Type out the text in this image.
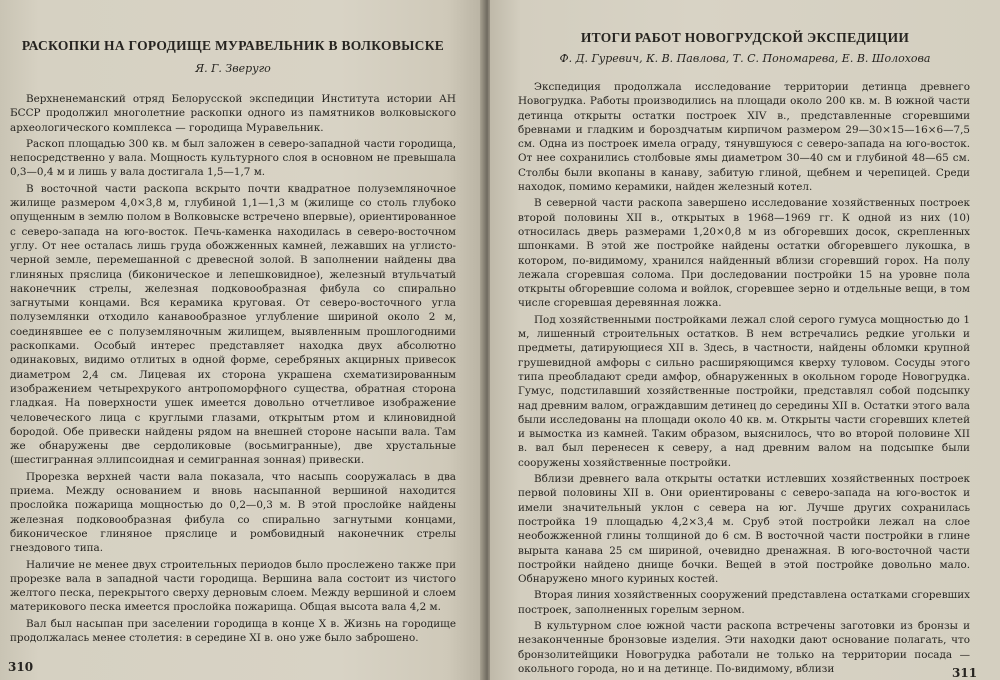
РАСКОПКИ НА ГОРОДИЩЕ МУРАВЕЛЬНИК В ВОЛКОВЫСКЕ
Я. Г. Зверуго

Верхненеманский отряд Белорусской экспедиции Института истории АН БССР продолжил многолетние раскопки одного из памятников волковыского археологического комплекса — городища Муравельник.

Раскоп площадью 300 кв. м был заложен в северо-западной части городища, непосредственно у вала. Мощность культурного слоя в основном не превышала 0,3—0,4 м и лишь у вала достигала 1,5—1,7 м.

В восточной части раскопа вскрыто почти квадратное полуземляночное жилище размером 4,0×3,8 м, глубиной 1,1—1,3 м (жилище со столь глубоко опущенным в землю полом в Волковыске встречено впервые), ориентированное с северо-запада на юго-восток. Печь-каменка находилась в северо-восточном углу. От нее осталась лишь груда обожженных камней, лежавших на углисто-черной земле, перемешанной с древесной золой. В заполнении найдены два глиняных пряслица (биконическое и лепешковидное), железный втульчатый наконечник стрелы, железная подковообразная фибула со спирально загнутыми концами. Вся керамика круговая. От северо-восточного угла полуземлянки отходило канавообразное углубление шириной около 2 м, соединявшее ее с полуземляночным жилищем, выявленным прошлогодними раскопками. Особый интерес представляет находка двух абсолютно одинаковых, видимо отлитых в одной форме, серебряных акцирных привесок диаметром 2,4 см. Лицевая их сторона украшена схематизированным изображением четырехрукого антропоморфного существа, обратная сторона гладкая. На поверхности ушек имеется довольно отчетливое изображение человеческого лица с круглыми глазами, открытым ртом и клиновидной бородой. Обе привески найдены рядом на внешней стороне насыпи вала. Там же обнаружены две сердоликовые (восьмигранные), две хрустальные (шестигранная эллипсоидная и семигранная зонная) привески.

Прорезка верхней части вала показала, что насыпь сооружалась в два приема. Между основанием и вновь насыпанной вершиной находится прослойка пожарища мощностью до 0,2—0,3 м. В этой прослойке найдены железная подковообразная фибула со спирально загнутыми концами, биконическое глиняное пряслице и ромбовидный наконечник стрелы гнездового типа.

Наличие не менее двух строительных периодов было прослежено также при прорезке вала в западной части городища. Вершина вала состоит из чистого желтого песка, перекрытого сверху дерновым слоем. Между вершиной и слоем материкового песка имеется прослойка пожарища. Общая высота вала 4,2 м.

Вал был насыпан при заселении городища в конце X в. Жизнь на городище продолжалась менее столетия: в середине XI в. оно уже было заброшено.

310
ИТОГИ РАБОТ НОВОГРУДСКОЙ ЭКСПЕДИЦИИ
Ф. Д. Гуревич, К. В. Павлова, Т. С. Пономарева, Е. В. Шолохова

Экспедиция продолжала исследование территории детинца древнего Новогрудка. Работы производились на площади около 200 кв. м. В южной части детинца открыты остатки построек XIV в., представленные сгоревшими бревнами и гладким и бороздчатым кирпичом размером 29—30×15—16×6—7,5 см. Одна из построек имела ограду, тянувшуюся с северо-запада на юго-восток. От нее сохранились столбовые ямы диаметром 30—40 см и глубиной 48—65 см. Столбы были вкопаны в канаву, забитую глиной, щебнем и черепицей. Среди находок, помимо керамики, найден железный котел.

В северной части раскопа завершено исследование хозяйственных построек второй половины XII в., открытых в 1968—1969 гг. К одной из них (10) относилась дверь размерами 1,20×0,8 м из обгоревших досок, скрепленных шпонками. В этой же постройке найдены остатки обгоревшего лукошка, в котором, по-видимому, хранился найденный вблизи сгоревший горох. На полу лежала сгоревшая солома. При доследовании постройки 15 на уровне пола открыты обгоревшие солома и войлок, сгоревшее зерно и отдельные вещи, в том числе сгоревшая деревянная ложка.

Под хозяйственными постройками лежал слой серого гумуса мощностью до 1 м, лишенный строительных остатков. В нем встречались редкие угольки и предметы, датирующиеся XII в. Здесь, в частности, найдены обломки крупной грушевидной амфоры с сильно расширяющимся кверху туловом. Сосуды этого типа преобладают среди амфор, обнаруженных в окольном городе Новогрудка. Гумус, подстилавший хозяйственные постройки, представлял собой подсыпку над древним валом, ограждавшим детинец до середины XII в. Остатки этого вала были исследованы на площади около 40 кв. м. Открыты части сгоревших клетей и вымостка из камней. Таким образом, выяснилось, что во второй половине XII в. вал был перенесен к северу, а над древним валом на подсыпке были сооружены хозяйственные постройки.

Вблизи древнего вала открыты остатки истлевших хозяйственных построек первой половины XII в. Они ориентированы с северо-запада на юго-восток и имели значительный уклон с севера на юг. Лучше других сохранилась постройка 19 площадью 4,2×3,4 м. Сруб этой постройки лежал на слое необожженной глины толщиной до 6 см. В восточной части постройки в глине вырыта канава 25 см шириной, очевидно дренажная. В юго-восточной части постройки найдено днище бочки. Вещей в этой постройке довольно мало. Обнаружено много куриных костей.

Вторая линия хозяйственных сооружений представлена остатками сгоревших построек, заполненных горелым зерном.

В культурном слое южной части раскопа встречены заготовки из бронзы и незаконченные бронзовые изделия. Эти находки дают основание полагать, что бронзолитейщики Новогрудка работали не только на территории посада — окольного города, но и на детинце. По-видимому, вблизи	311
